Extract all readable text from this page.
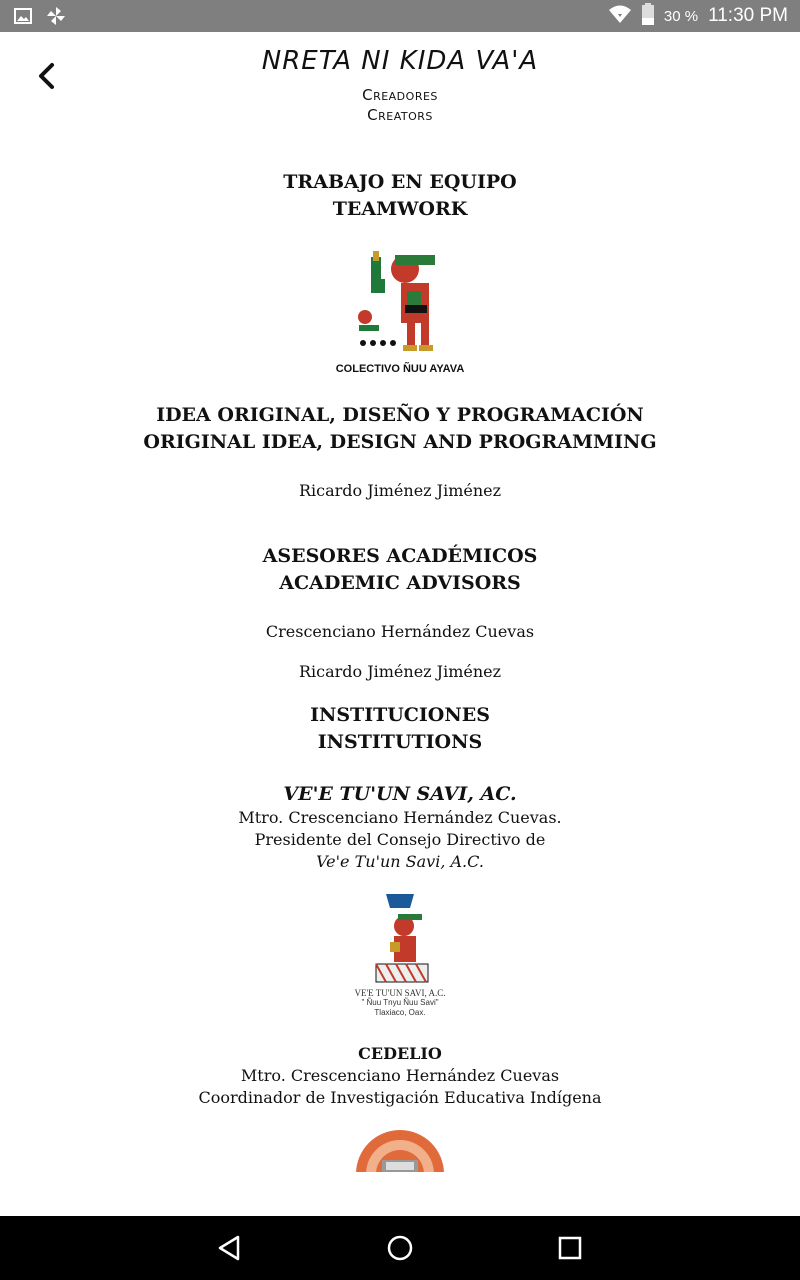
30 % 11:30 PM
NRETA NI KIDA VA'A
Creadores
Creators
TRABAJO EN EQUIPO
TEAMWORK
COLECTIVO ÑUU AYAVA
IDEA ORIGINAL, DISEÑO Y PROGRAMACIÓN
ORIGINAL IDEA, DESIGN AND PROGRAMMING
Ricardo Jiménez Jiménez
ASESORES ACADÉMICOS
ACADEMIC ADVISORS
Crescenciano Hernández Cuevas
Ricardo Jiménez Jiménez
INSTITUCIONES
INSTITUTIONS
VE'E TU'UN SAVI, AC.
Mtro. Crescenciano Hernández Cuevas.
Presidente del Consejo Directivo de
Ve'e Tu'un Savi, A.C.
VE'E TU'UN SAVI, A.C.
" Ñuu Tnyu Ñuu Savi"
Tlaxiaco, Oax.
CEDELIO
Mtro. Crescenciano Hernández Cuevas
Coordinador de Investigación Educativa Indígena
